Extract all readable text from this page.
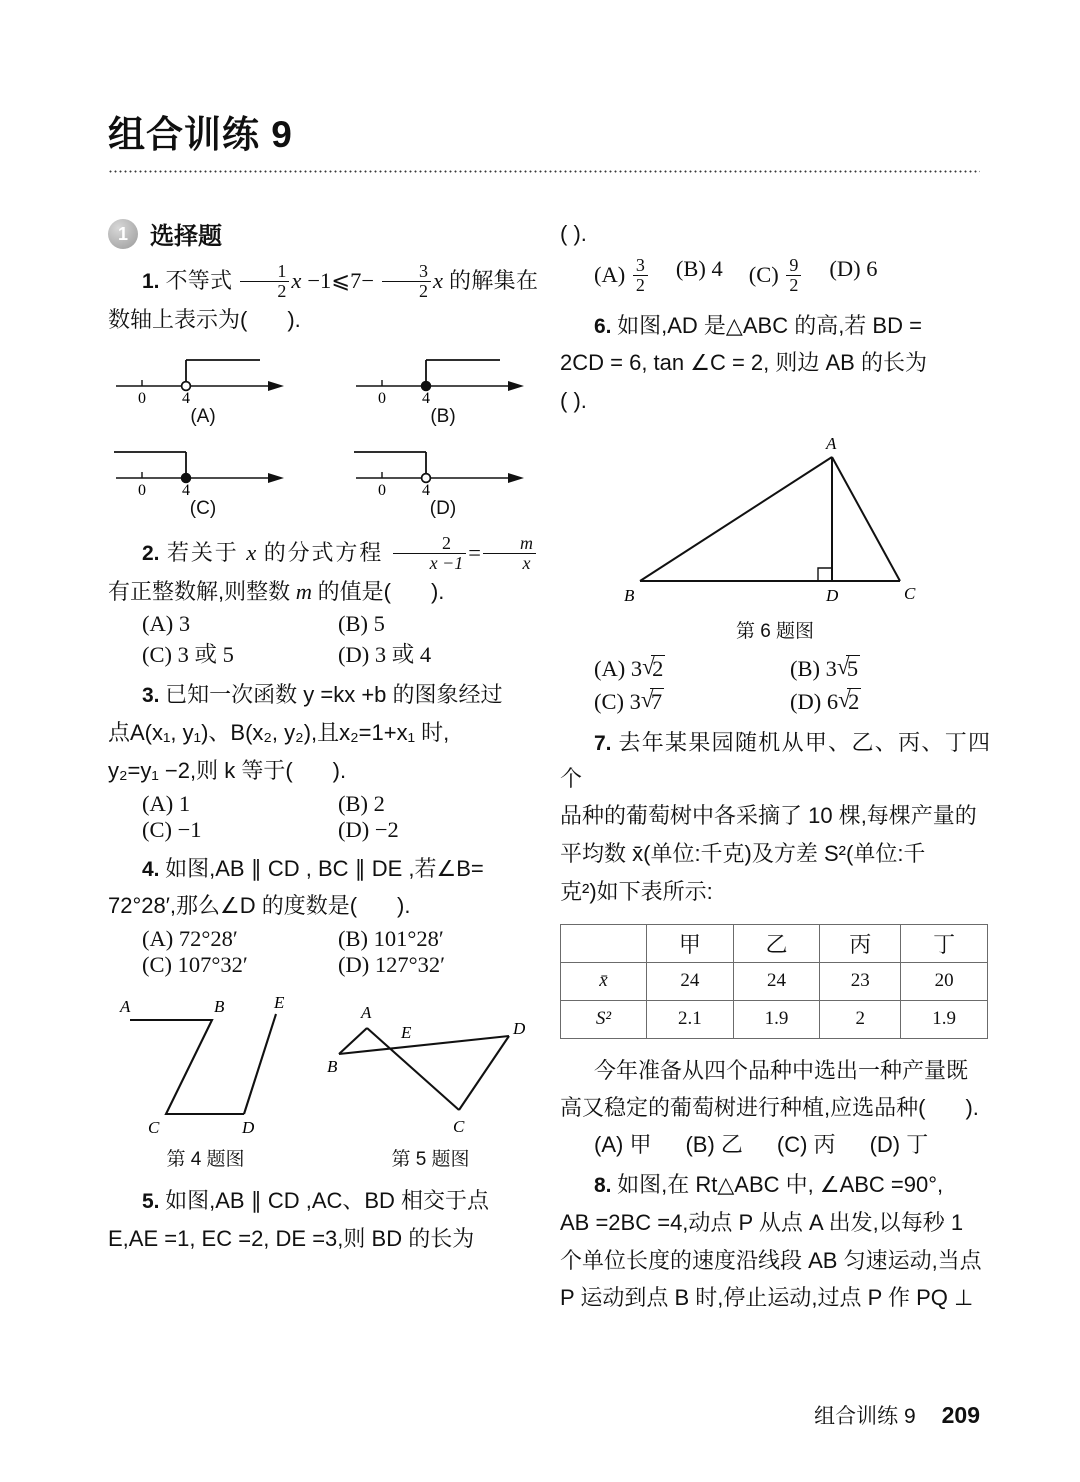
组合训练 9
1 选择题
1. 不等式 $\frac{1}{2}$ x −1⩽7− $\frac{3}{2}$ x 的解集在数轴上表示为( ).
0 4
(A)
0 4
(B)
0 4
(C)
0 4
(D)
2. 若关于 x 的分式方程 $\frac{2}{x -1} = \frac{m}{x}$
有正整数解,则整数 m 的值是( ).
(A) 3	(B) 5
(C) 3 或 5	(D) 3 或 4
3. 已知一次函数 y =kx +b 的图象经过
点A(x₁, y₁)、B(x₂, y₂),且x₂=1+x₁ 时,
y₂=y₁ −2,则 k 等于( ).
(A) 1	(B) 2
(C) −1	(D) −2
4. 如图,AB ∥ CD , BC ∥ DE ,若∠B=
72°28′,那么∠D 的度数是( ).
(A) 72°28′	(B) 101°28′
(C) 107°32′	(D) 127°32′
A	B
C	D
E
第 4 题图
A
B
C
D
E
第 5 题图
5. 如图,AB ∥ CD ,AC、BD 相交于点
E,AE =1, EC =2, DE =3,则 BD 的长为
( ).
$(A) \frac{3}{2} (B)$ 4 $(C) \frac{9}{2} (D)$ 6
6. 如图,AD 是△ABC 的高,若 BD =
2CD = 6, tan ∠C = 2, 则边 AB 的长为
( ).
A
B	C
D
第 6 题图
(A) 3 √ 2	(B) 3 √ 5
(C) 3 √ 7	(D) 6 √ 2
7. 去年某果园随机从甲、乙、丙、丁四个
品种的葡萄树中各采摘了 10 棵,每棵产量的
平均数 x̄(单位:千克)及方差 S²(单位:千
克²)如下表所示:
	甲	乙	丙	丁
x̄	24	24	23	20
S²	2.1	1.9	2	1.9
今年准备从四个品种中选出一种产量既
高又稳定的葡萄树进行种植,应选品种( ).
(A) 甲 (B) 乙 (C) 丙 (D) 丁
8. 如图,在 Rt△ABC 中, ∠ABC =90°,
AB =2BC =4,动点 P 从点 A 出发,以每秒 1
个单位长度的速度沿线段 AB 匀速运动,当点
P 运动到点 B 时,停止运动,过点 P 作 PQ ⊥
组合训练 9 209
